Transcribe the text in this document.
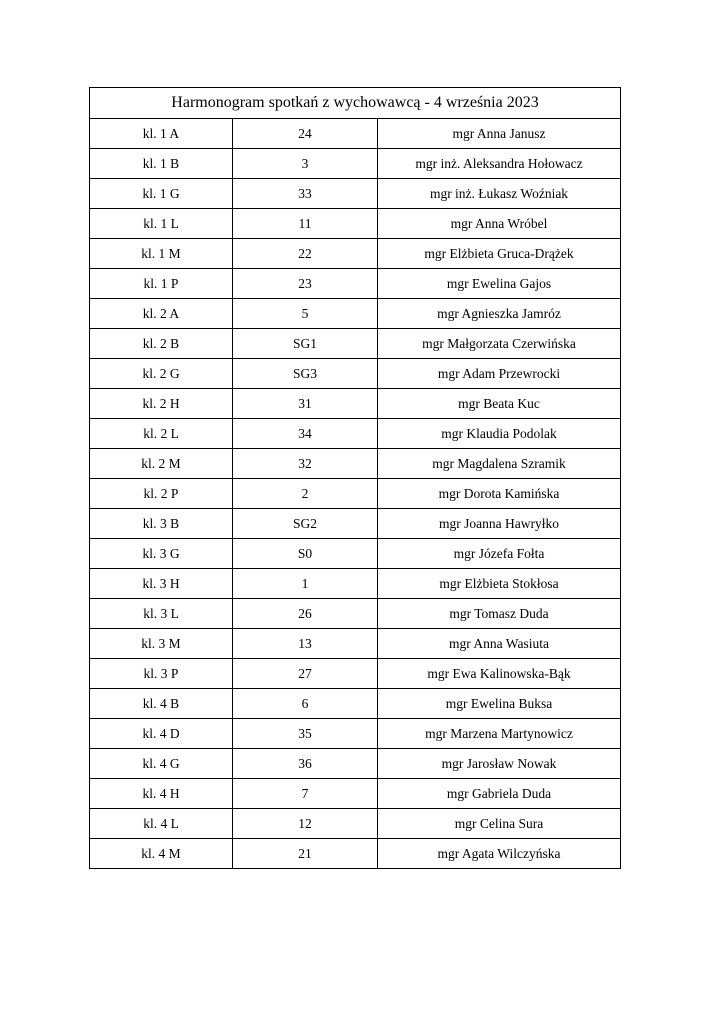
Harmonogram spotkań z wychowawcą - 4 września 2023		
kl. 1 A	24	mgr Anna Janusz
kl. 1 B	3	mgr inż. Aleksandra Hołowacz
kl. 1 G	33	mgr inż. Łukasz Woźniak
kl. 1 L	11	mgr Anna Wróbel
kl. 1 M	22	mgr Elżbieta Gruca-Drążek
kl. 1 P	23	mgr Ewelina Gajos
kl. 2 A	5	mgr Agnieszka Jamróz
kl. 2 B	SG1	mgr Małgorzata Czerwińska
kl. 2 G	SG3	mgr Adam Przewrocki
kl. 2 H	31	mgr Beata Kuc
kl. 2 L	34	mgr Klaudia Podolak
kl. 2 M	32	mgr Magdalena Szramik
kl. 2 P	2	mgr Dorota Kamińska
kl. 3 B	SG2	mgr Joanna Hawryłko
kl. 3 G	S0	mgr Józefa Fołta
kl. 3 H	1	mgr Elżbieta Stokłosa
kl. 3 L	26	mgr Tomasz Duda
kl. 3 M	13	mgr Anna Wasiuta
kl. 3 P	27	mgr Ewa Kalinowska-Bąk
kl. 4 B	6	mgr Ewelina Buksa
kl. 4 D	35	mgr Marzena Martynowicz
kl. 4 G	36	mgr Jarosław Nowak
kl. 4 H	7	mgr Gabriela Duda
kl. 4 L	12	mgr Celina Sura
kl. 4 M	21	mgr Agata Wilczyńska
